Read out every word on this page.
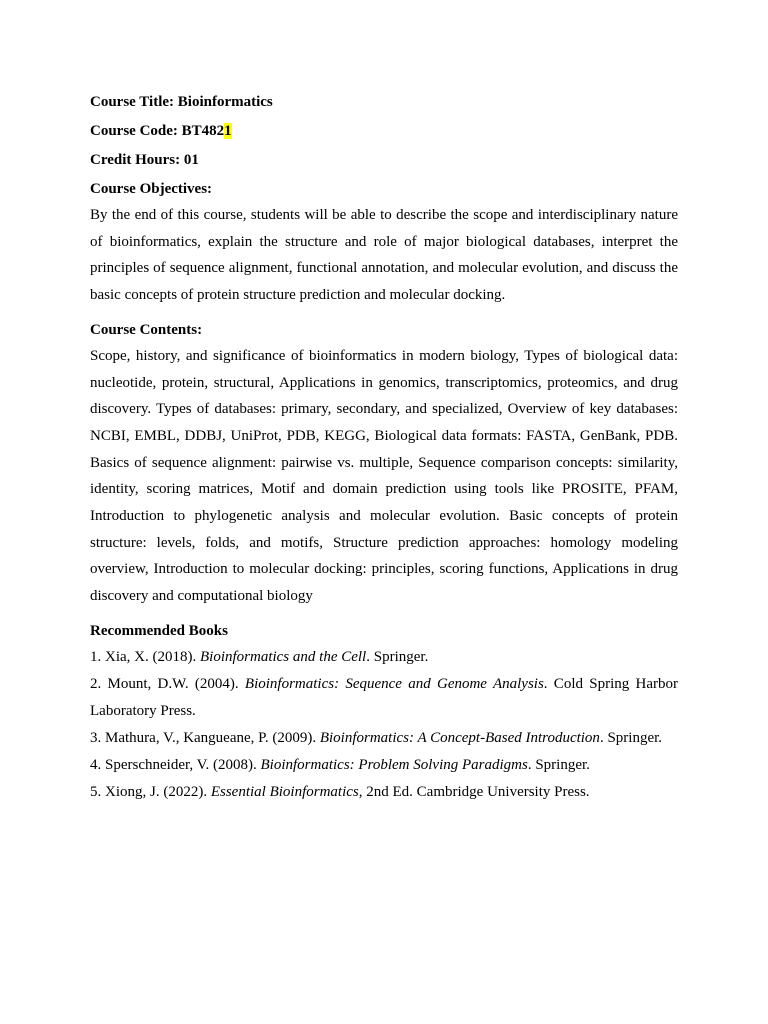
Course Title: Bioinformatics

Course Code: BT4821

Credit Hours: 01

Course Objectives:

By the end of this course, students will be able to describe the scope and interdisciplinary nature of bioinformatics, explain the structure and role of major biological databases, interpret the principles of sequence alignment, functional annotation, and molecular evolution, and discuss the basic concepts of protein structure prediction and molecular docking.

Course Contents:

Scope, history, and significance of bioinformatics in modern biology, Types of biological data: nucleotide, protein, structural, Applications in genomics, transcriptomics, proteomics, and drug discovery. Types of databases: primary, secondary, and specialized, Overview of key databases: NCBI, EMBL, DDBJ, UniProt, PDB, KEGG, Biological data formats: FASTA, GenBank, PDB. Basics of sequence alignment: pairwise vs. multiple, Sequence comparison concepts: similarity, identity, scoring matrices, Motif and domain prediction using tools like PROSITE, PFAM, Introduction to phylogenetic analysis and molecular evolution. Basic concepts of protein structure: levels, folds, and motifs, Structure prediction approaches: homology modeling overview, Introduction to molecular docking: principles, scoring functions, Applications in drug discovery and computational biology

Recommended Books

1. Xia, X. (2018). Bioinformatics and the Cell. Springer.
2. Mount, D.W. (2004). Bioinformatics: Sequence and Genome Analysis. Cold Spring Harbor Laboratory Press.
3. Mathura, V., Kangueane, P. (2009). Bioinformatics: A Concept-Based Introduction. Springer.
4. Sperschneider, V. (2008). Bioinformatics: Problem Solving Paradigms. Springer.
5. Xiong, J. (2022). Essential Bioinformatics, 2nd Ed. Cambridge University Press.
